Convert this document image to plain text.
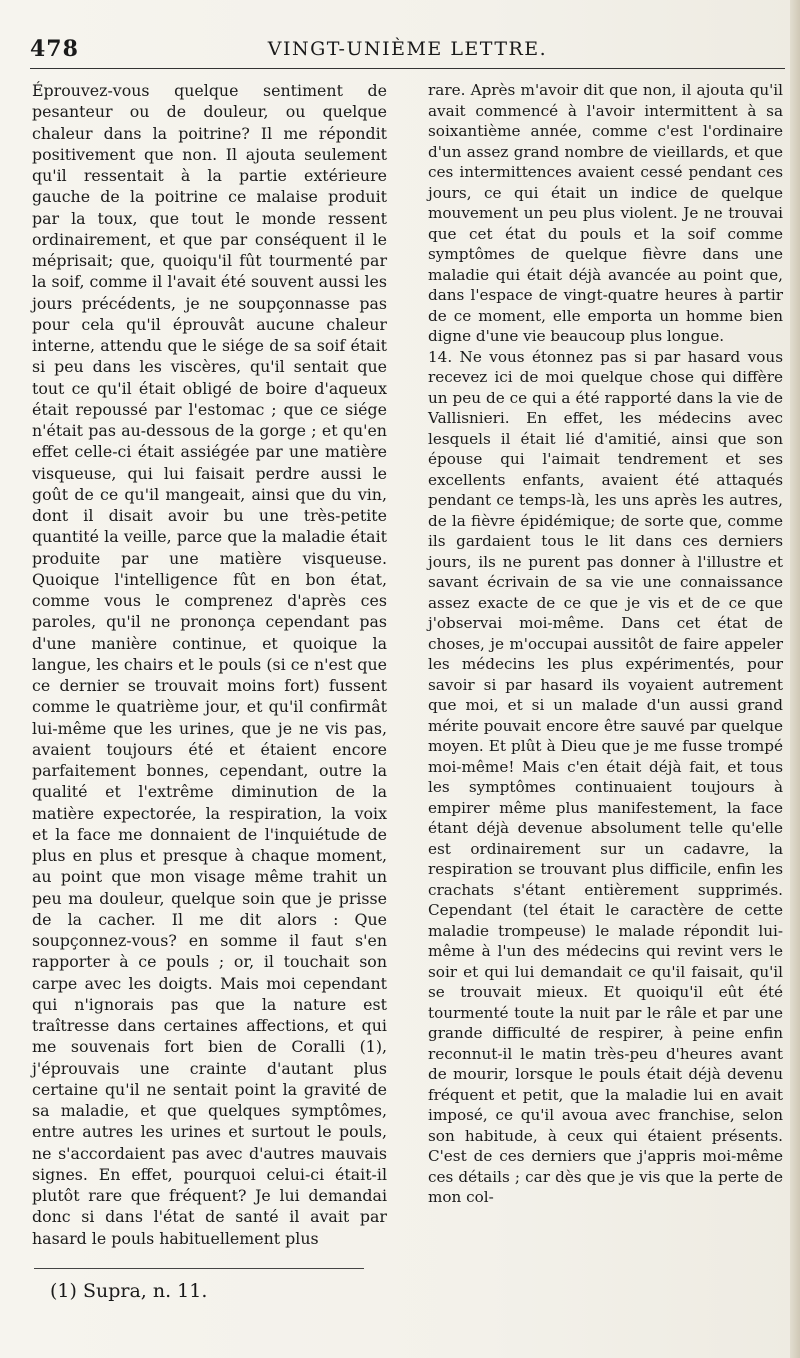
478	VINGT-UNIÈME LETTRE.

Éprouvez-vous quelque sentiment de pesanteur ou de douleur, ou quelque chaleur dans la poitrine? Il me répondit positivement que non. Il ajouta seulement qu'il ressentait à la partie extérieure gauche de la poitrine ce malaise produit par la toux, que tout le monde ressent ordinairement, et que par conséquent il le méprisait; que, quoiqu'il fût tourmenté par la soif, comme il l'avait été souvent aussi les jours précédents, je ne soupçonnasse pas pour cela qu'il éprouvât aucune chaleur interne, attendu que le siége de sa soif était si peu dans les viscères, qu'il sentait que tout ce qu'il était obligé de boire d'aqueux était repoussé par l'estomac ; que ce siége n'était pas au-dessous de la gorge ; et qu'en effet celle-ci était assiégée par une matière visqueuse, qui lui faisait perdre aussi le goût de ce qu'il mangeait, ainsi que du vin, dont il disait avoir bu une très-petite quantité la veille, parce que la maladie était produite par une matière visqueuse. Quoique l'intelligence fût en bon état, comme vous le comprenez d'après ces paroles, qu'il ne prononça cependant pas d'une manière continue, et quoique la langue, les chairs et le pouls (si ce n'est que ce dernier se trouvait moins fort) fussent comme le quatrième jour, et qu'il confirmât lui-même que les urines, que je ne vis pas, avaient toujours été et étaient encore parfaitement bonnes, cependant, outre la qualité et l'extrême diminution de la matière expectorée, la respiration, la voix et la face me donnaient de l'inquiétude de plus en plus et presque à chaque moment, au point que mon visage même trahit un peu ma douleur, quelque soin que je prisse de la cacher. Il me dit alors : Que soupçonnez-vous? en somme il faut s'en rapporter à ce pouls ; or, il touchait son carpe avec les doigts. Mais moi cependant qui n'ignorais pas que la nature est traîtresse dans certaines affections, et qui me souvenais fort bien de Coralli (1), j'éprouvais une crainte d'autant plus certaine qu'il ne sentait point la gravité de sa maladie, et que quelques symptômes, entre autres les urines et surtout le pouls, ne s'accordaient pas avec d'autres mauvais signes. En effet, pourquoi celui-ci était-il plutôt rare que fréquent? Je lui demandai donc si dans l'état de santé il avait par hasard le pouls habituellement plus

rare. Après m'avoir dit que non, il ajouta qu'il avait commencé à l'avoir intermittent à sa soixantième année, comme c'est l'ordinaire d'un assez grand nombre de vieillards, et que ces intermittences avaient cessé pendant ces jours, ce qui était un indice de quelque mouvement un peu plus violent. Je ne trouvai que cet état du pouls et la soif comme symptômes de quelque fièvre dans une maladie qui était déjà avancée au point que, dans l'espace de vingt-quatre heures à partir de ce moment, elle emporta un homme bien digne d'une vie beaucoup plus longue.

14. Ne vous étonnez pas si par hasard vous recevez ici de moi quelque chose qui diffère un peu de ce qui a été rapporté dans la vie de Vallisnieri. En effet, les médecins avec lesquels il était lié d'amitié, ainsi que son épouse qui l'aimait tendrement et ses excellents enfants, avaient été attaqués pendant ce temps-là, les uns après les autres, de la fièvre épidémique; de sorte que, comme ils gardaient tous le lit dans ces derniers jours, ils ne purent pas donner à l'illustre et savant écrivain de sa vie une connaissance assez exacte de ce que je vis et de ce que j'observai moi-même. Dans cet état de choses, je m'occupai aussitôt de faire appeler les médecins les plus expérimentés, pour savoir si par hasard ils voyaient autrement que moi, et si un malade d'un aussi grand mérite pouvait encore être sauvé par quelque moyen. Et plût à Dieu que je me fusse trompé moi-même! Mais c'en était déjà fait, et tous les symptômes continuaient toujours à empirer même plus manifestement, la face étant déjà devenue absolument telle qu'elle est ordinairement sur un cadavre, la respiration se trouvant plus difficile, enfin les crachats s'étant entièrement supprimés. Cependant (tel était le caractère de cette maladie trompeuse) le malade répondit lui-même à l'un des médecins qui revint vers le soir et qui lui demandait ce qu'il faisait, qu'il se trouvait mieux. Et quoiqu'il eût été tourmenté toute la nuit par le râle et par une grande difficulté de respirer, à peine enfin reconnut-il le matin très-peu d'heures avant de mourir, lorsque le pouls était déjà devenu fréquent et petit, que la maladie lui en avait imposé, ce qu'il avoua avec franchise, selon son habitude, à ceux qui étaient présents. C'est de ces derniers que j'appris moi-même ces détails ; car dès que je vis que la perte de mon col-

(1) Supra, n. 11.
